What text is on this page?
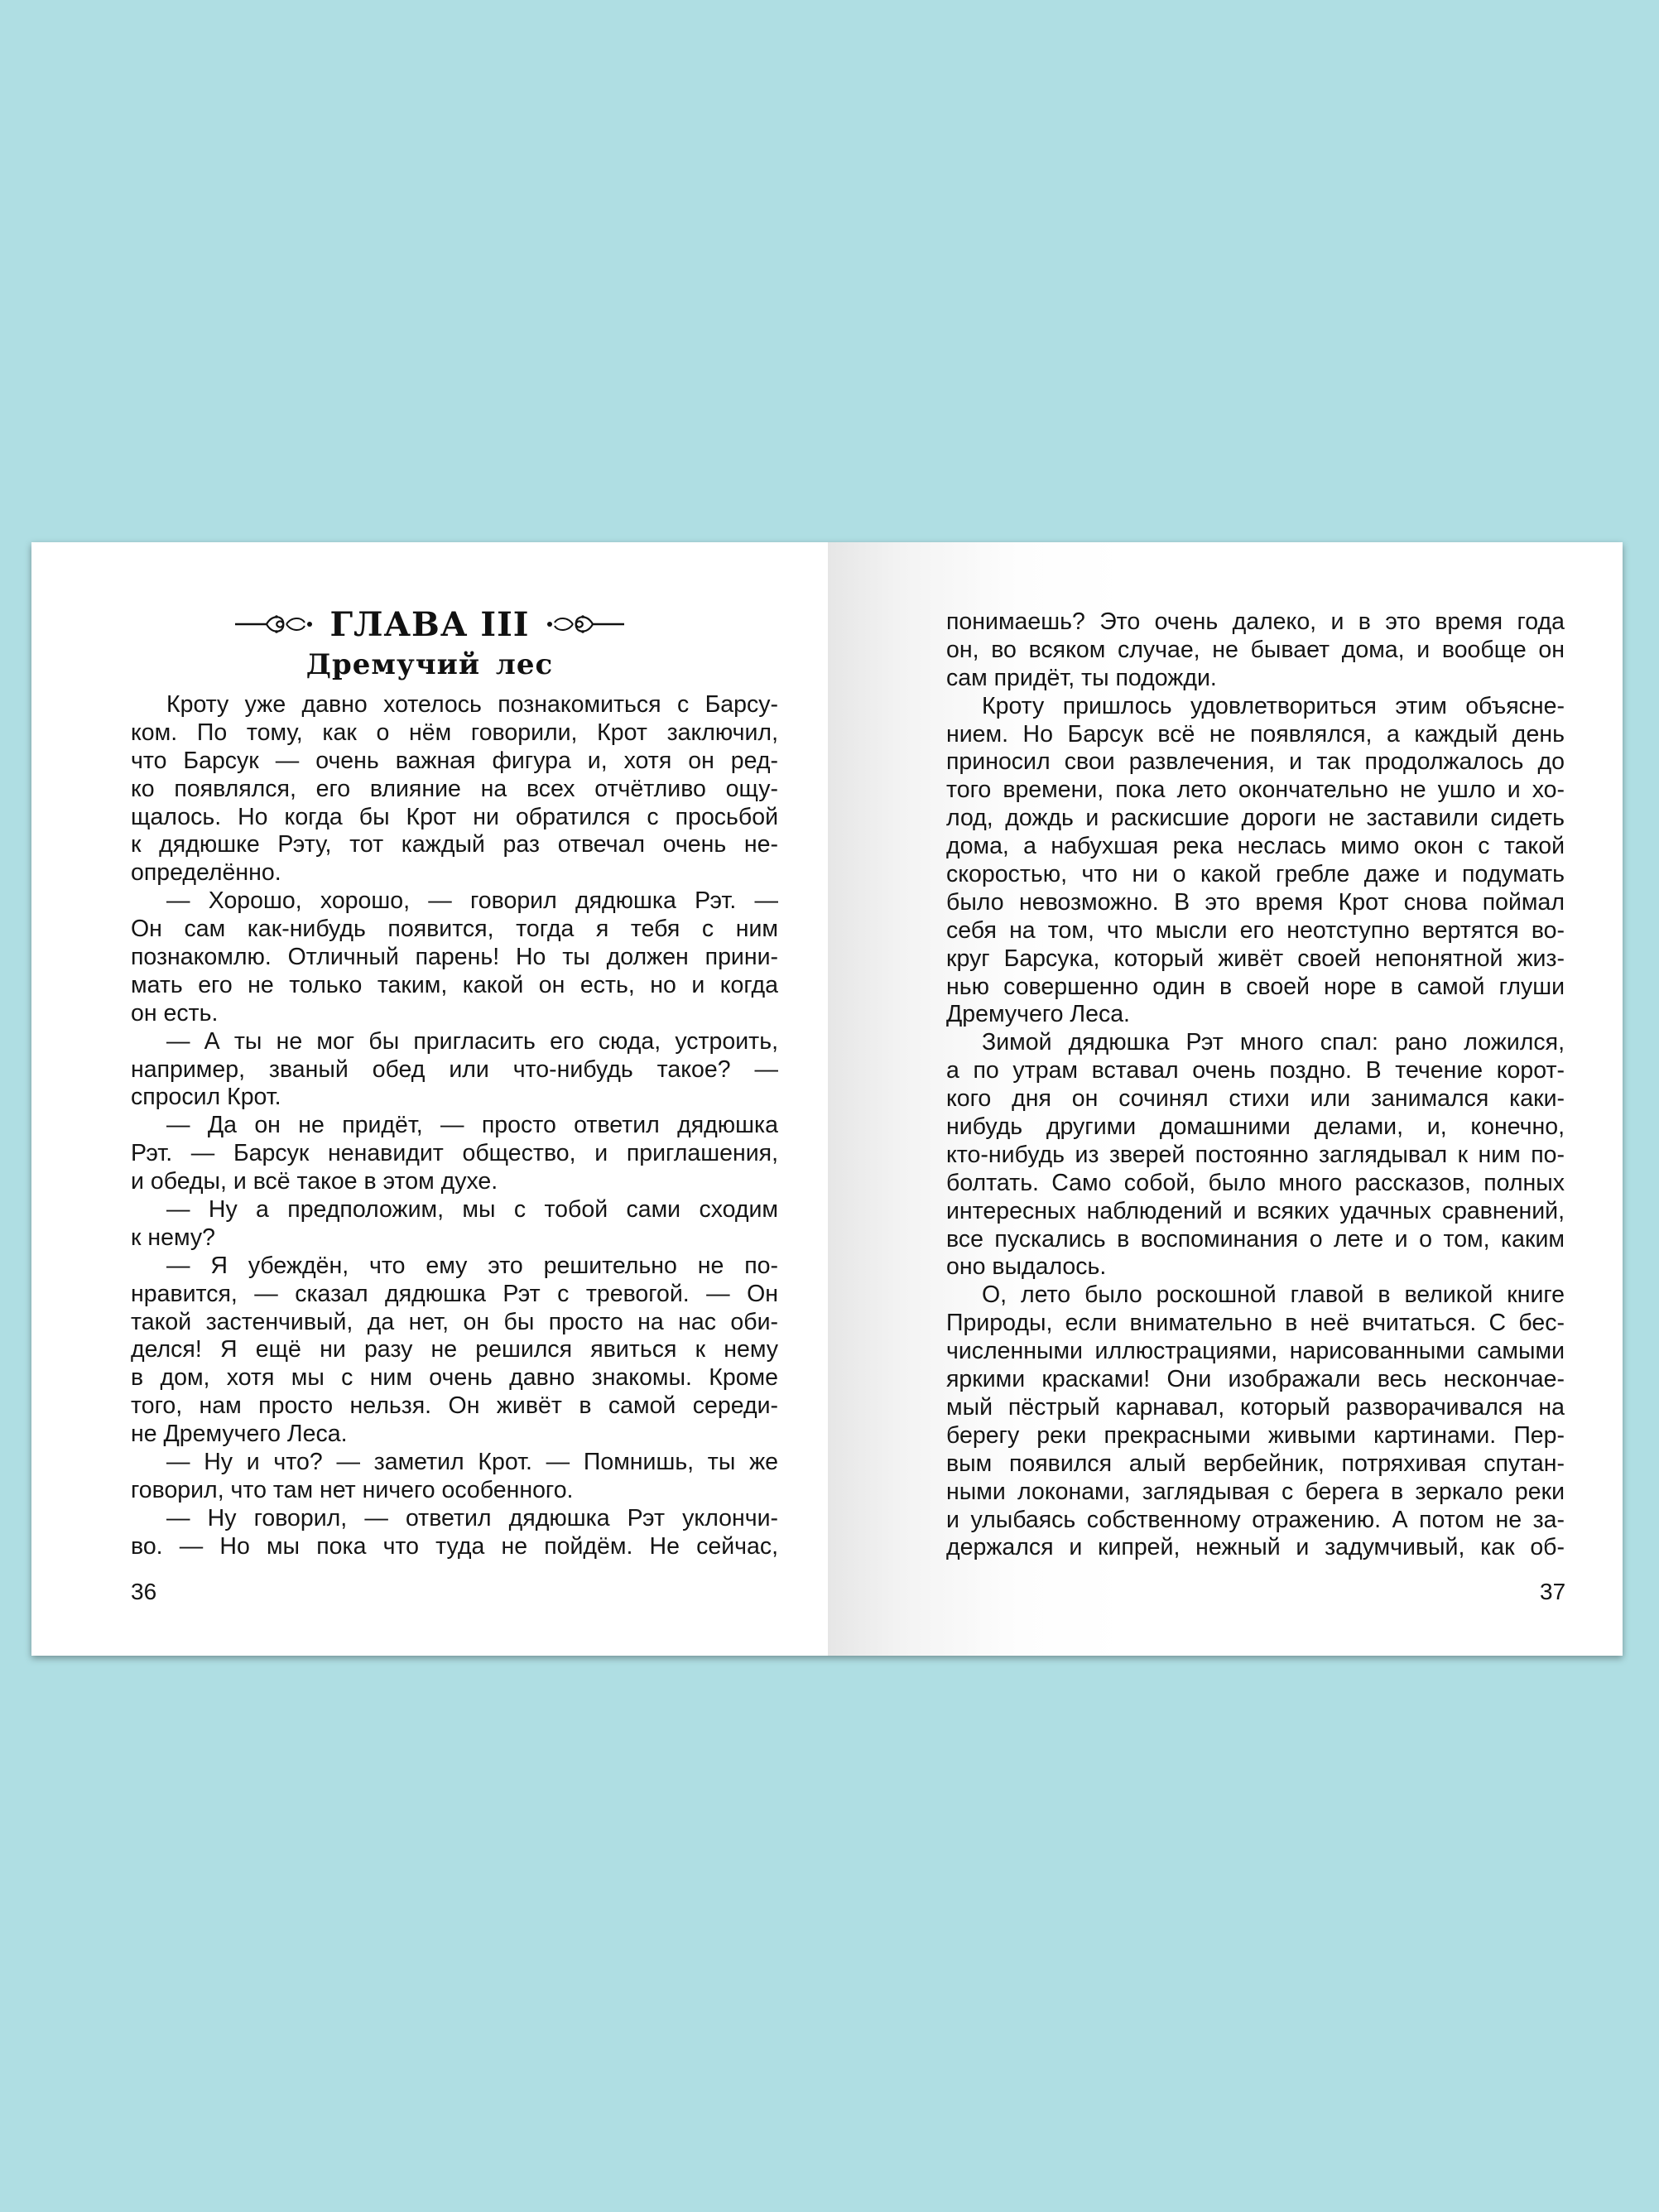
ГЛАВА III
Дремучий лес
Кроту уже давно хотелось познакомиться с Барсу-
ком. По тому, как о нём говорили, Крот заключил,
что Барсук — очень важная фигура и, хотя он ред-
ко появлялся, его влияние на всех отчётливо ощу-
щалось. Но когда бы Крот ни обратился с просьбой
к дядюшке Рэту, тот каждый раз отвечал очень не-
определённо.
— Хорошо, хорошо, — говорил дядюшка Рэт. —
Он сам как-нибудь появится, тогда я тебя с ним
познакомлю. Отличный парень! Но ты должен прини-
мать его не только таким, какой он есть, но и когда
он есть.
— А ты не мог бы пригласить его сюда, устроить,
например, званый обед или что-нибудь такое? —
спросил Крот.
— Да он не придёт, — просто ответил дядюшка
Рэт. — Барсук ненавидит общество, и приглашения,
и обеды, и всё такое в этом духе.
— Ну а предположим, мы с тобой сами сходим
к нему?
— Я убеждён, что ему это решительно не по-
нравится, — сказал дядюшка Рэт с тревогой. — Он
такой застенчивый, да нет, он бы просто на нас оби-
делся! Я ещё ни разу не решился явиться к нему
в дом, хотя мы с ним очень давно знакомы. Кроме
того, нам просто нельзя. Он живёт в самой середи-
не Дремучего Леса.
— Ну и что? — заметил Крот. — Помнишь, ты же
говорил, что там нет ничего особенного.
— Ну говорил, — ответил дядюшка Рэт уклончи-
во. — Но мы пока что туда не пойдём. Не сейчас,
36
понимаешь? Это очень далеко, и в это время года
он, во всяком случае, не бывает дома, и вообще он
сам придёт, ты подожди.
Кроту пришлось удовлетвориться этим объясне-
нием. Но Барсук всё не появлялся, а каждый день
приносил свои развлечения, и так продолжалось до
того времени, пока лето окончательно не ушло и хо-
лод, дождь и раскисшие дороги не заставили сидеть
дома, а набухшая река неслась мимо окон с такой
скоростью, что ни о какой гребле даже и подумать
было невозможно. В это время Крот снова поймал
себя на том, что мысли его неотступно вертятся во-
круг Барсука, который живёт своей непонятной жиз-
нью совершенно один в своей норе в самой глуши
Дремучего Леса.
Зимой дядюшка Рэт много спал: рано ложился,
а по утрам вставал очень поздно. В течение корот-
кого дня он сочинял стихи или занимался каки-
нибудь другими домашними делами, и, конечно,
кто-нибудь из зверей постоянно заглядывал к ним по-
болтать. Само собой, было много рассказов, полных
интересных наблюдений и всяких удачных сравнений,
все пускались в воспоминания о лете и о том, каким
оно выдалось.
О, лето было роскошной главой в великой книге
Природы, если внимательно в неё вчитаться. С бес-
численными иллюстрациями, нарисованными самыми
яркими красками! Они изображали весь нескончае-
мый пёстрый карнавал, который разворачивался на
берегу реки прекрасными живыми картинами. Пер-
вым появился алый вербейник, потряхивая спутан-
ными локонами, заглядывая с берега в зеркало реки
и улыбаясь собственному отражению. А потом не за-
держался и кипрей, нежный и задумчивый, как об-
37
